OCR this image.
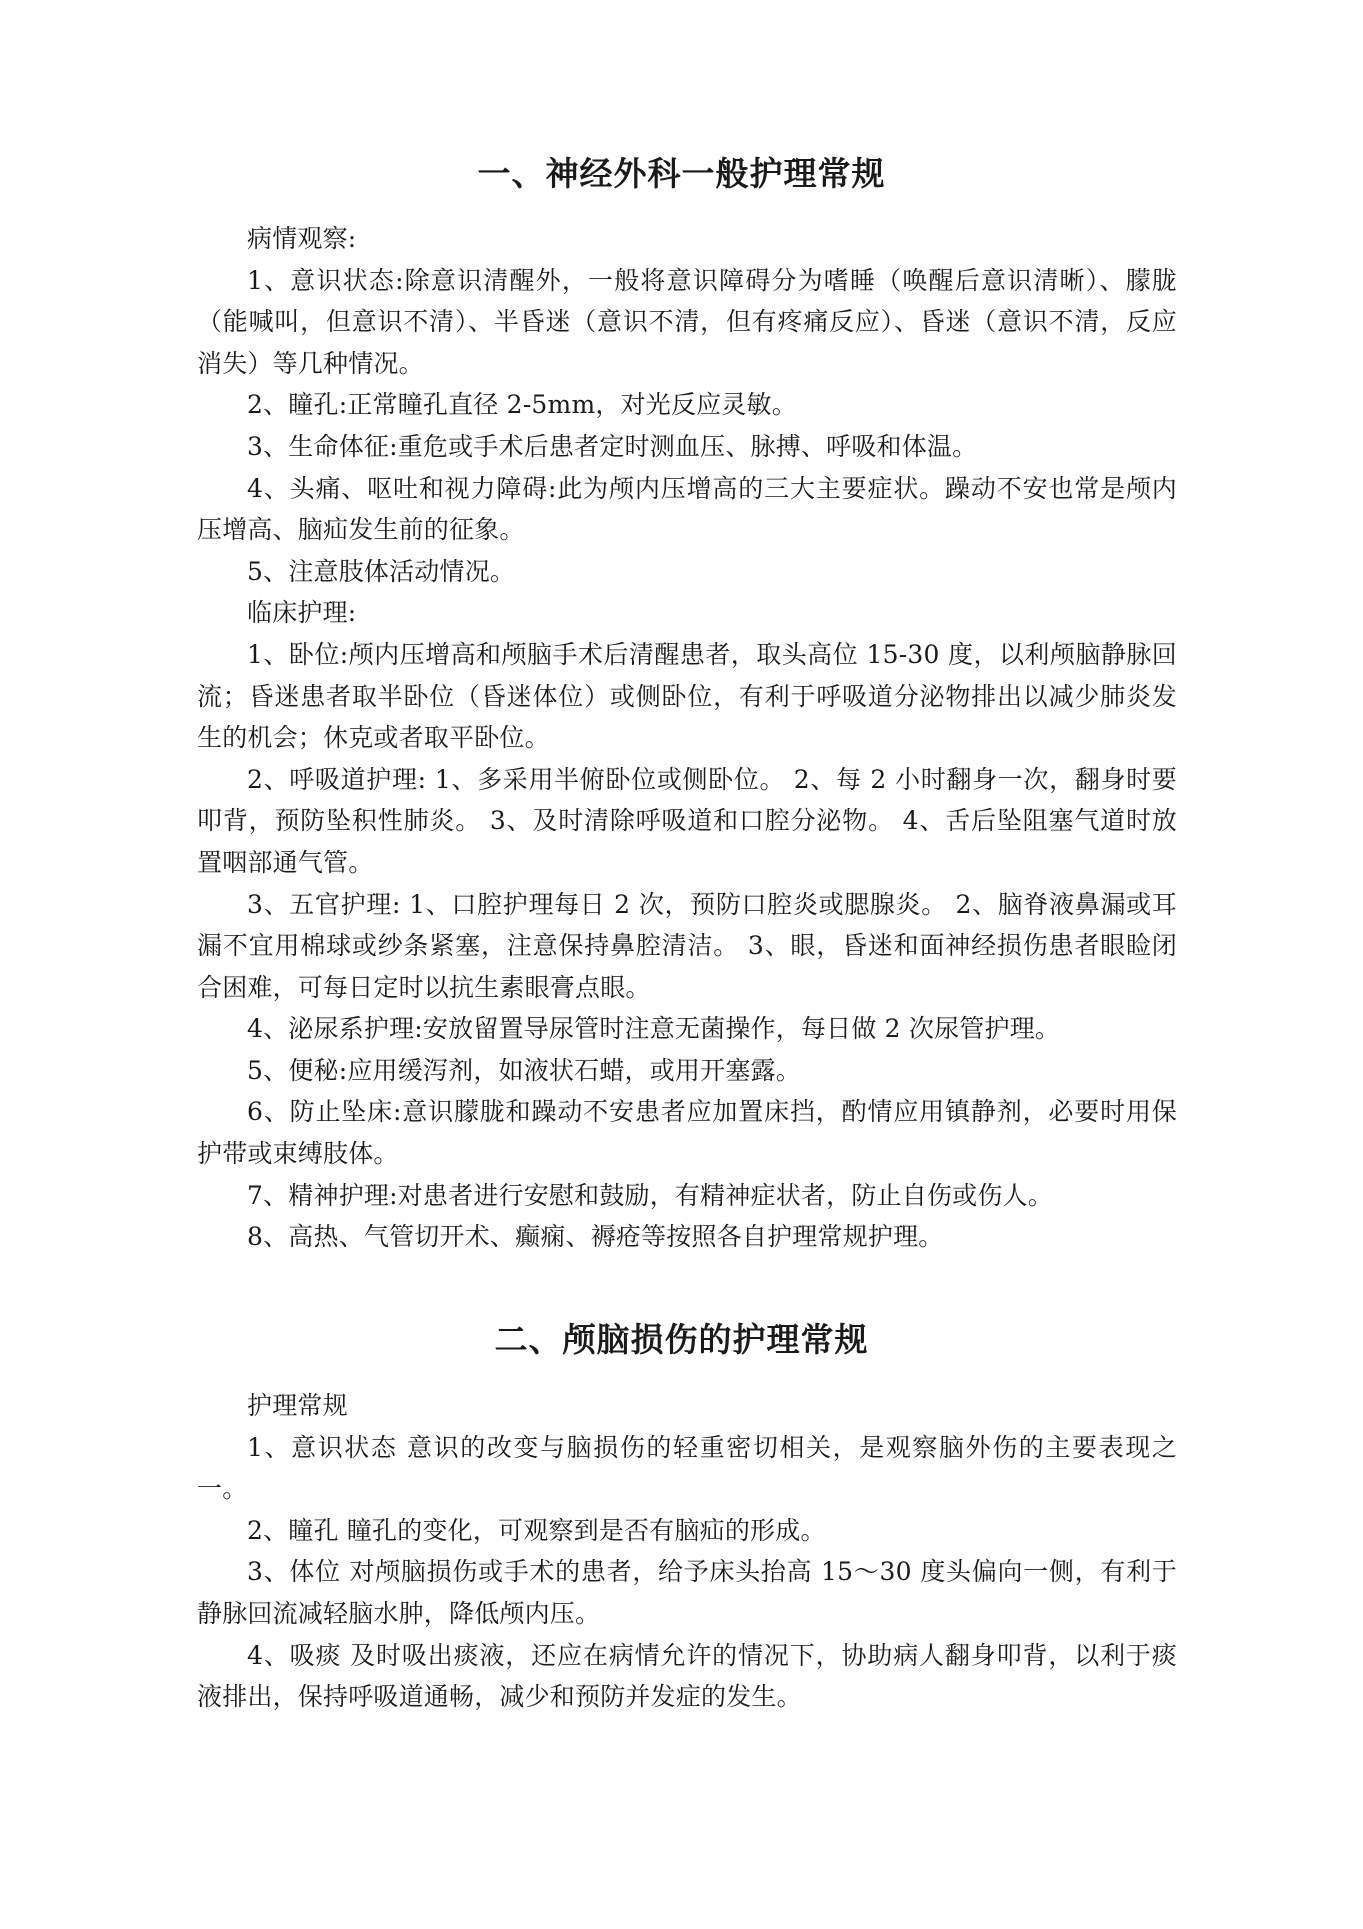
一、神经外科一般护理常规

病情观察:

1、意识状态:除意识清醒外，一般将意识障碍分为嗜睡（唤醒后意识清晰）、朦胧（能喊叫，但意识不清）、半昏迷（意识不清，但有疼痛反应）、昏迷（意识不清，反应消失）等几种情况。

2、瞳孔:正常瞳孔直径 2-5mm，对光反应灵敏。

3、生命体征:重危或手术后患者定时测血压、脉搏、呼吸和体温。

4、头痛、呕吐和视力障碍:此为颅内压增高的三大主要症状。躁动不安也常是颅内压增高、脑疝发生前的征象。

5、注意肢体活动情况。

临床护理:

1、卧位:颅内压增高和颅脑手术后清醒患者，取头高位 15-30 度，以利颅脑静脉回流；昏迷患者取半卧位（昏迷体位）或侧卧位，有利于呼吸道分泌物排出以减少肺炎发生的机会；休克或者取平卧位。

2、呼吸道护理: 1、多采用半俯卧位或侧卧位。 2、每 2 小时翻身一次，翻身时要叩背，预防坠积性肺炎。 3、及时清除呼吸道和口腔分泌物。 4、舌后坠阻塞气道时放置咽部通气管。

3、五官护理: 1、口腔护理每日 2 次，预防口腔炎或腮腺炎。 2、脑脊液鼻漏或耳漏不宜用棉球或纱条紧塞，注意保持鼻腔清洁。 3、眼，昏迷和面神经损伤患者眼睑闭合困难，可每日定时以抗生素眼膏点眼。

4、泌尿系护理:安放留置导尿管时注意无菌操作，每日做 2 次尿管护理。

5、便秘:应用缓泻剂，如液状石蜡，或用开塞露。

6、防止坠床:意识朦胧和躁动不安患者应加置床挡，酌情应用镇静剂，必要时用保护带或束缚肢体。

7、精神护理:对患者进行安慰和鼓励，有精神症状者，防止自伤或伤人。

8、高热、气管切开术、癫痫、褥疮等按照各自护理常规护理。

二、颅脑损伤的护理常规

护理常规

1、意识状态 意识的改变与脑损伤的轻重密切相关，是观察脑外伤的主要表现之一。

2、瞳孔 瞳孔的变化，可观察到是否有脑疝的形成。

3、体位 对颅脑损伤或手术的患者，给予床头抬高 15～30 度头偏向一侧，有利于静脉回流减轻脑水肿，降低颅内压。

4、吸痰 及时吸出痰液，还应在病情允许的情况下，协助病人翻身叩背，以利于痰液排出，保持呼吸道通畅，减少和预防并发症的发生。
